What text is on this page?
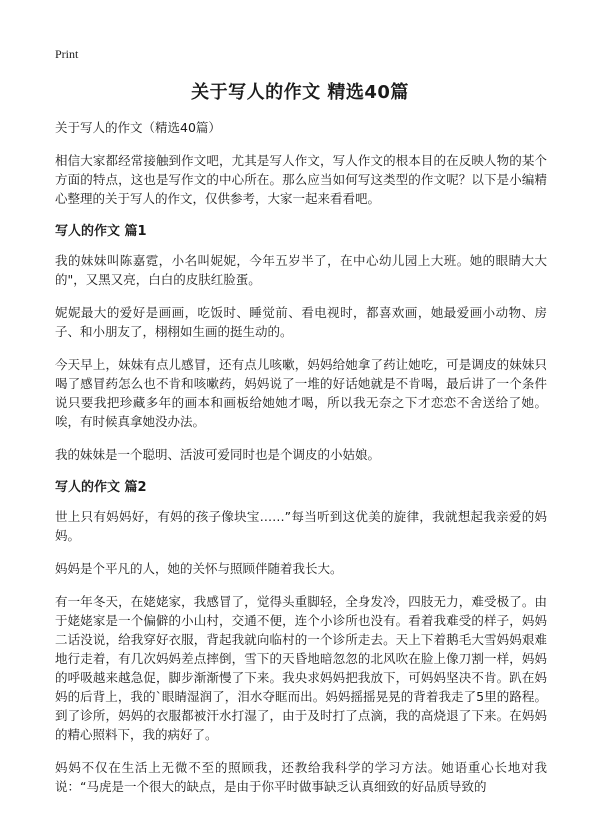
Print
关于写人的作文 精选40篇

关于写人的作文（精选40篇）

相信大家都经常接触到作文吧，尤其是写人作文，写人作文的根本目的在反映人物的某个方面的特点，这也是写作文的中心所在。那么应当如何写这类型的作文呢？以下是小编精心整理的关于写人的作文，仅供参考，大家一起来看看吧。

写人的作文 篇1

我的妹妹叫陈嘉霓，小名叫妮妮，今年五岁半了，在中心幼儿园上大班。她的眼睛大大的"，又黑又亮，白白的皮肤红脸蛋。

妮妮最大的爱好是画画，吃饭时、睡觉前、看电视时，都喜欢画，她最爱画小动物、房子、和小朋友了，栩栩如生画的挺生动的。

今天早上，妹妹有点儿感冒，还有点儿咳嗽，妈妈给她拿了药让她吃，可是调皮的妹妹只喝了感冒药怎么也不肯和咳嗽药，妈妈说了一堆的好话她就是不肯喝，最后讲了一个条件说只要我把珍藏多年的画本和画板给她她才喝，所以我无奈之下才恋恋不舍送给了她。唉，有时候真拿她没办法。

我的妹妹是一个聪明、活波可爱同时也是个调皮的小姑娘。

写人的作文 篇2

世上只有妈妈好，有妈的孩子像块宝……”每当听到这优美的旋律，我就想起我亲爱的妈妈。

妈妈是个平凡的人，她的关怀与照顾伴随着我长大。

有一年冬天，在姥姥家，我感冒了，觉得头重脚轻，全身发冷，四肢无力，难受极了。由于姥姥家是一个偏僻的小山村，交通不便，连个小诊所也没有。看着我难受的样子，妈妈二话没说，给我穿好衣服，背起我就向临村的一个诊所走去。天上下着鹅毛大雪妈妈艰难地行走着，有几次妈妈差点摔倒，雪下的天昏地暗忽忽的北风吹在脸上像刀割一样，妈妈的呼吸越来越急促，脚步渐渐慢了下来。我央求妈妈把我放下，可妈妈坚决不肯。趴在妈妈的后背上，我的`眼睛湿润了，泪水夺眶而出。妈妈摇摇晃晃的背着我走了5里的路程。到了诊所，妈妈的衣服都被汗水打湿了，由于及时打了点滴，我的高烧退了下来。在妈妈的精心照料下，我的病好了。

妈妈不仅在生活上无微不至的照顾我，还教给我科学的学习方法。她语重心长地对我说：“马虎是一个很大的缺点，是由于你平时做事缺乏认真细致的好品质导致的
